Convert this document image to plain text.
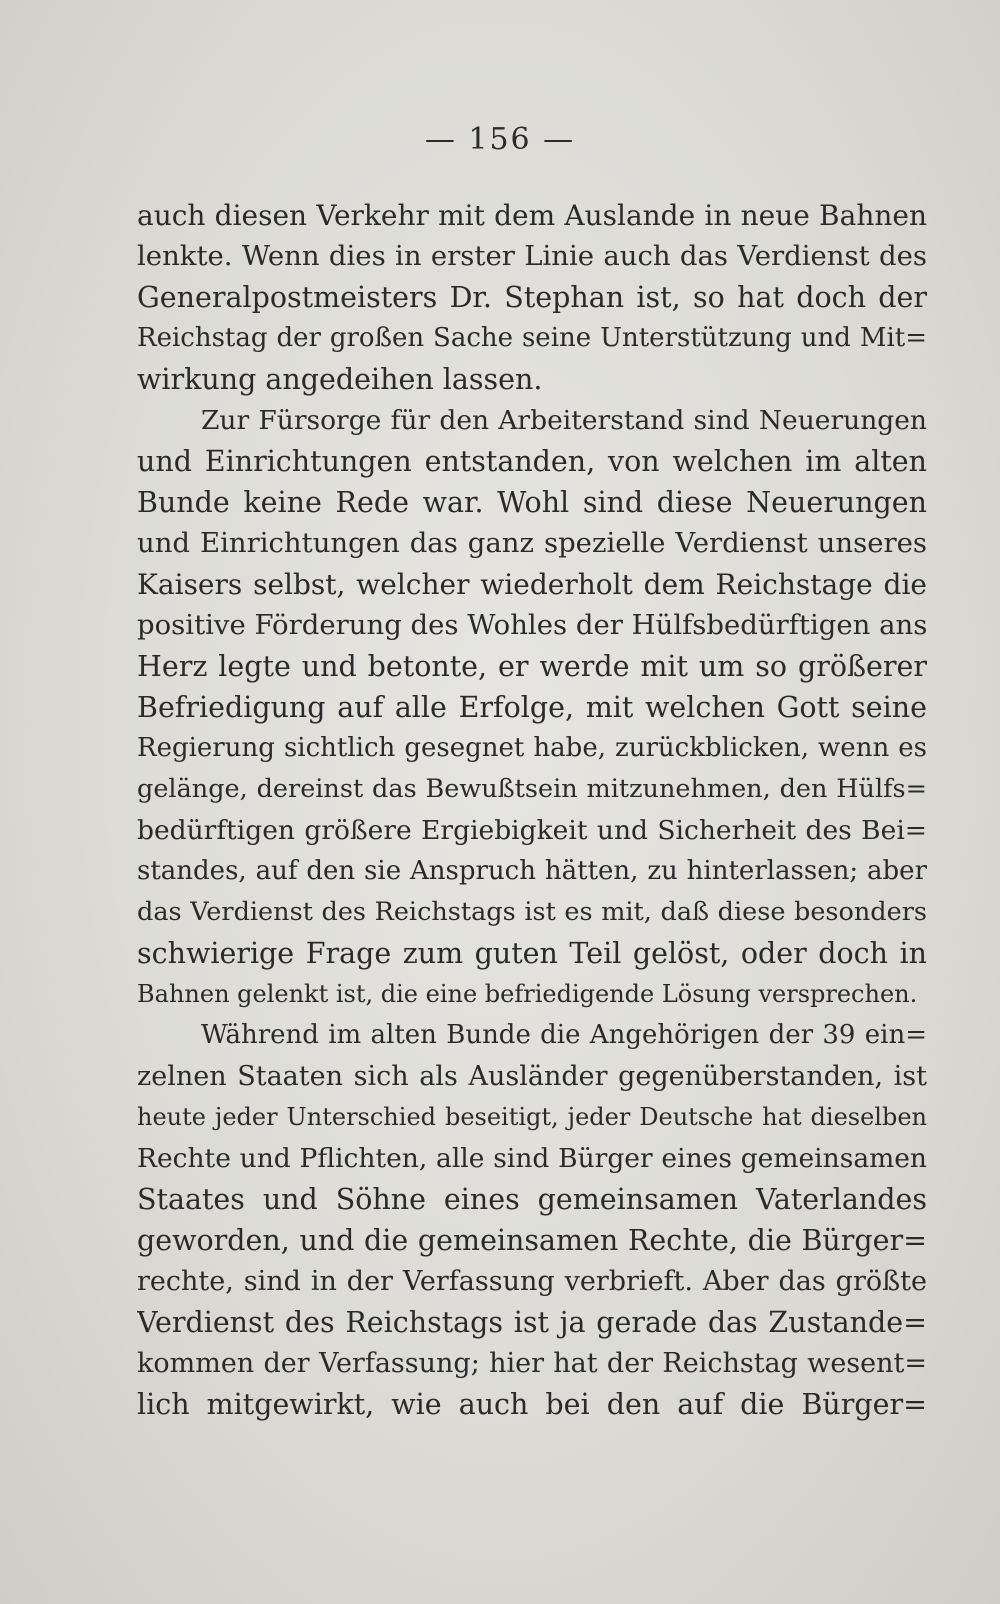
— 156 —
auch diesen Verkehr mit dem Auslande in neue Bahnen
lenkte. Wenn dies in erster Linie auch das Verdienst des
Generalpostmeisters Dr. Stephan ist, so hat doch der
Reichstag der großen Sache seine Unterstützung und Mit=
wirkung angedeihen lassen.
Zur Fürsorge für den Arbeiterstand sind Neuerungen
und Einrichtungen entstanden, von welchen im alten
Bunde keine Rede war. Wohl sind diese Neuerungen
und Einrichtungen das ganz spezielle Verdienst unseres
Kaisers selbst, welcher wiederholt dem Reichstage die
positive Förderung des Wohles der Hülfsbedürftigen ans
Herz legte und betonte, er werde mit um so größerer
Befriedigung auf alle Erfolge, mit welchen Gott seine
Regierung sichtlich gesegnet habe, zurückblicken, wenn es
gelänge, dereinst das Bewußtsein mitzunehmen, den Hülfs=
bedürftigen größere Ergiebigkeit und Sicherheit des Bei=
standes, auf den sie Anspruch hätten, zu hinterlassen; aber
das Verdienst des Reichstags ist es mit, daß diese besonders
schwierige Frage zum guten Teil gelöst, oder doch in
Bahnen gelenkt ist, die eine befriedigende Lösung versprechen.
Während im alten Bunde die Angehörigen der 39 ein=
zelnen Staaten sich als Ausländer gegenüberstanden, ist
heute jeder Unterschied beseitigt, jeder Deutsche hat dieselben
Rechte und Pflichten, alle sind Bürger eines gemeinsamen
Staates und Söhne eines gemeinsamen Vaterlandes
geworden, und die gemeinsamen Rechte, die Bürger=
rechte, sind in der Verfassung verbrieft. Aber das größte
Verdienst des Reichstags ist ja gerade das Zustande=
kommen der Verfassung; hier hat der Reichstag wesent=
lich mitgewirkt, wie auch bei den auf die Bürger=
